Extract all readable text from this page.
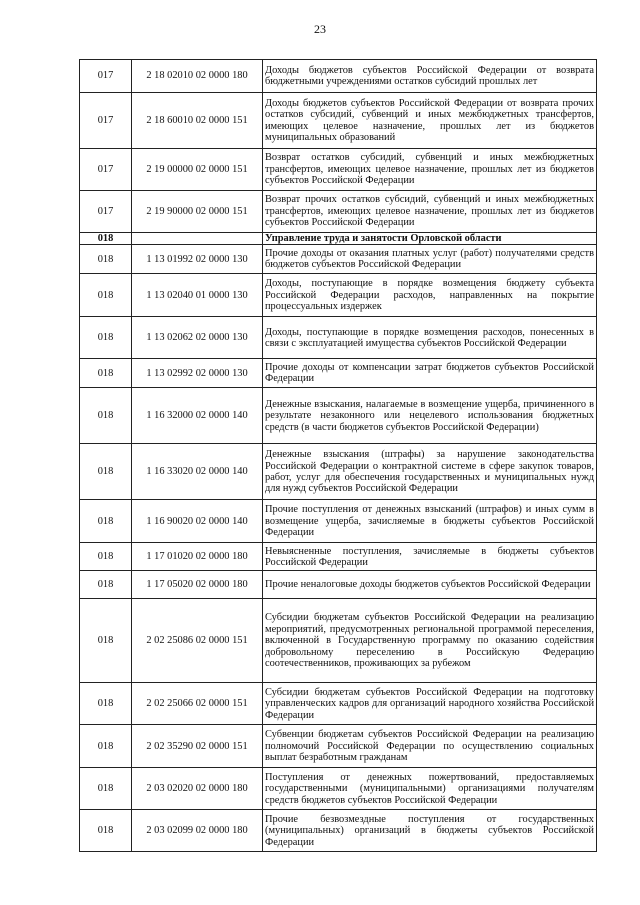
23
017	2 18 02010 02 0000 180	Доходы бюджетов субъектов Российской Федерации от возврата бюджетными учреждениями остатков субсидий прошлых лет
017	2 18 60010 02 0000 151	Доходы бюджетов субъектов Российской Федерации от возврата прочих остатков субсидий, субвенций и иных межбюджетных трансфертов, имеющих целевое назначение, прошлых лет из бюджетов муниципальных образований
017	2 19 00000 02 0000 151	Возврат остатков субсидий, субвенций и иных межбюджетных трансфертов, имеющих целевое назначение, прошлых лет из бюджетов субъектов Российской Федерации
017	2 19 90000 02 0000 151	Возврат прочих остатков субсидий, субвенций и иных межбюджетных трансфертов, имеющих целевое назначение, прошлых лет из бюджетов субъектов Российской Федерации
018		Управление труда и занятости Орловской области
018	1 13 01992 02 0000 130	Прочие доходы от оказания платных услуг (работ) получателями средств бюджетов субъектов Российской Федерации
018	1 13 02040 01 0000 130	Доходы, поступающие в порядке возмещения бюджету субъекта Российской Федерации расходов, направленных на покрытие процессуальных издержек
018	1 13 02062 02 0000 130	Доходы, поступающие в порядке возмещения расходов, понесенных в связи с эксплуатацией имущества субъектов Российской Федерации
018	1 13 02992 02 0000 130	Прочие доходы от компенсации затрат бюджетов субъектов Российской Федерации
018	1 16 32000 02 0000 140	Денежные взыскания, налагаемые в возмещение ущерба, причиненного в результате незаконного или нецелевого использования бюджетных средств (в части бюджетов субъектов Российской Федерации)
018	1 16 33020 02 0000 140	Денежные взыскания (штрафы) за нарушение законодательства Российской Федерации о контрактной системе в сфере закупок товаров, работ, услуг для обеспечения государственных и муниципальных нужд для нужд субъектов Российской Федерации
018	1 16 90020 02 0000 140	Прочие поступления от денежных взысканий (штрафов) и иных сумм в возмещение ущерба, зачисляемые в бюджеты субъектов Российской Федерации
018	1 17 01020 02 0000 180	Невыясненные поступления, зачисляемые в бюджеты субъектов Российской Федерации
018	1 17 05020 02 0000 180	Прочие неналоговые доходы бюджетов субъектов Российской Федерации
018	2 02 25086 02 0000 151	Субсидии бюджетам субъектов Российской Федерации на реализацию мероприятий, предусмотренных региональной программой переселения, включенной в Государственную программу по оказанию содействия добровольному переселению в Российскую Федерацию соотечественников, проживающих за рубежом
018	2 02 25066 02 0000 151	Субсидии бюджетам субъектов Российской Федерации на подготовку управленческих кадров для организаций народного хозяйства Российской Федерации
018	2 02 35290 02 0000 151	Субвенции бюджетам субъектов Российской Федерации на реализацию полномочий Российской Федерации по осуществлению социальных выплат безработным гражданам
018	2 03 02020 02 0000 180	Поступления от денежных пожертвований, предоставляемых государственными (муниципальными) организациями получателям средств бюджетов субъектов Российской Федерации
018	2 03 02099 02 0000 180	Прочие безвозмездные поступления от государственных (муниципальных) организаций в бюджеты субъектов Российской Федерации
